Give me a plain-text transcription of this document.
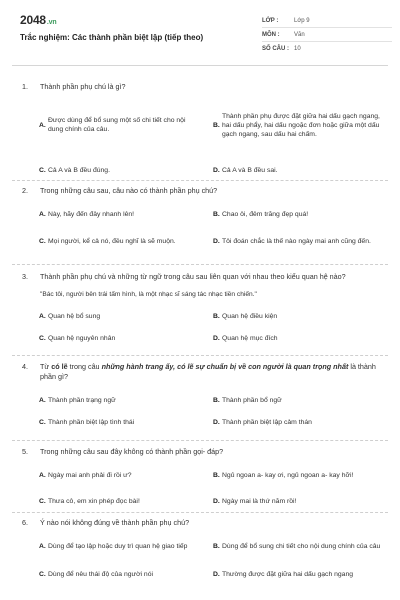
2048.vn
Trắc nghiệm: Các thành phần biệt lập (tiếp theo)
LỚP :	Lớp 9
MÔN :	Văn
SỐ CÂU : 10
1. Thành phần phụ chú là gì?
A.
Được dùng để bổ sung một số chi tiết cho nội dung chính của câu.
B.
Thành phần phụ được đặt giữa hai dấu gạch ngang, hai dấu phẩy, hai dấu ngoặc đơn hoặc giữa một dấu gạch ngang, sau dấu hai chấm.
C. Cả A và B đều đúng.	D. Cả A và B đều sai.
2. Trong những câu sau, câu nào có thành phần phụ chú?
A. Này, hãy đến đây nhanh lên!	B. Chao ôi, đêm trăng đẹp quá!
C. Mọi người, kể cả nó, đều nghĩ là sẽ muộn.	D. Tôi đoán chắc là thế nào ngày mai anh cũng đến.
3. Thành phần phụ chú và những từ ngữ trong câu sau liên quan với nhau theo kiểu quan hệ nào?
"Bác tôi, người bên trái tấm hình, là một nhạc sĩ sáng tác nhạc tiền chiến."
A. Quan hệ bổ sung	B. Quan hệ điều kiện
C. Quan hệ nguyên nhân	D. Quan hệ mục đích
4. Từ có lẽ trong câu những hành trang ấy, có lẽ sự chuẩn bị về con người là quan trọng nhất là thành phần gì?
A. Thành phần trạng ngữ	B. Thành phần bổ ngữ
C. Thành phần biệt lập tình thái	D. Thành phần biệt lập cảm thán
5. Trong những câu sau đây không có thành phần gọi- đáp?
A. Ngày mai anh phải đi rồi ư?	B. Ngủ ngoan a- kay ơi, ngủ ngoan a- kay hỡi!
C. Thưa cô, em xin phép đọc bài!	D. Ngày mai là thứ năm rồi!
6. Ý nào nói không đúng về thành phần phụ chú?
A. Dùng để tạo lập hoặc duy trì quan hệ giao tiếp	B. Dùng để bổ sung chi tiết cho nội dung chính của câu
C. Dùng để nêu thái độ của người nói	D. Thường được đặt giữa hai dấu gạch ngang
